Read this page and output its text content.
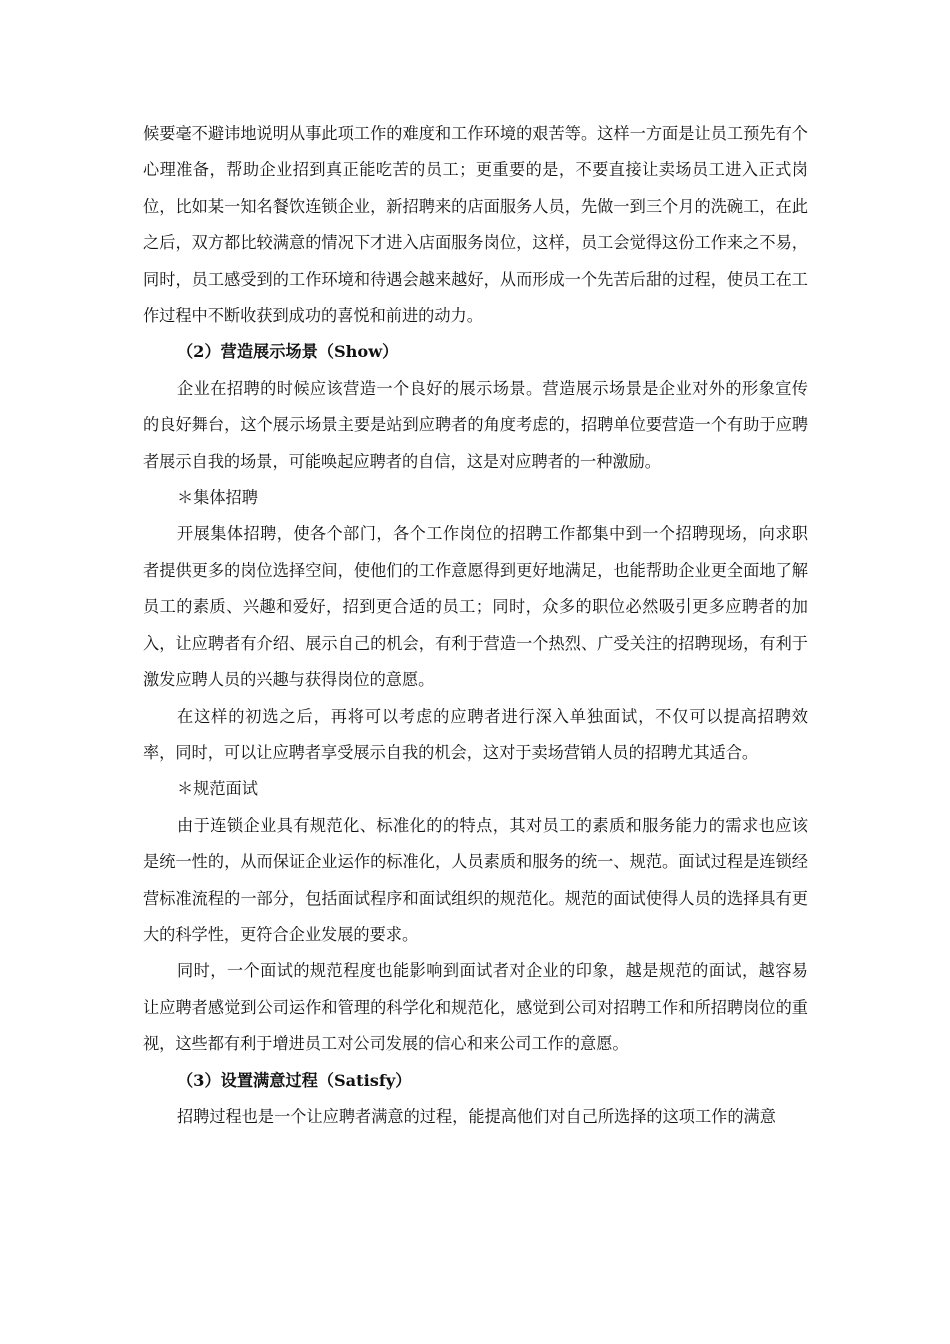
候要毫不避讳地说明从事此项工作的难度和工作环境的艰苦等。这样一方面是让员工预先有个心理准备，帮助企业招到真正能吃苦的员工；更重要的是，不要直接让卖场员工进入正式岗位，比如某一知名餐饮连锁企业，新招聘来的店面服务人员，先做一到三个月的洗碗工，在此之后，双方都比较满意的情况下才进入店面服务岗位，这样，员工会觉得这份工作来之不易，同时，员工感受到的工作环境和待遇会越来越好，从而形成一个先苦后甜的过程，使员工在工作过程中不断收获到成功的喜悦和前进的动力。

（2）营造展示场景（Show）

企业在招聘的时候应该营造一个良好的展示场景。营造展示场景是企业对外的形象宣传的良好舞台，这个展示场景主要是站到应聘者的角度考虑的，招聘单位要营造一个有助于应聘者展示自我的场景，可能唤起应聘者的自信，这是对应聘者的一种激励。

＊集体招聘

开展集体招聘，使各个部门，各个工作岗位的招聘工作都集中到一个招聘现场，向求职者提供更多的岗位选择空间，使他们的工作意愿得到更好地满足，也能帮助企业更全面地了解员工的素质、兴趣和爱好，招到更合适的员工；同时，众多的职位必然吸引更多应聘者的加入，让应聘者有介绍、展示自己的机会，有利于营造一个热烈、广受关注的招聘现场，有利于激发应聘人员的兴趣与获得岗位的意愿。

在这样的初选之后，再将可以考虑的应聘者进行深入单独面试，不仅可以提高招聘效率，同时，可以让应聘者享受展示自我的机会，这对于卖场营销人员的招聘尤其适合。

＊规范面试

由于连锁企业具有规范化、标准化的的特点，其对员工的素质和服务能力的需求也应该是统一性的，从而保证企业运作的标准化，人员素质和服务的统一、规范。面试过程是连锁经营标准流程的一部分，包括面试程序和面试组织的规范化。规范的面试使得人员的选择具有更大的科学性，更符合企业发展的要求。

同时，一个面试的规范程度也能影响到面试者对企业的印象，越是规范的面试，越容易让应聘者感觉到公司运作和管理的科学化和规范化，感觉到公司对招聘工作和所招聘岗位的重视，这些都有利于增进员工对公司发展的信心和来公司工作的意愿。

（3）设置满意过程（Satisfy）

招聘过程也是一个让应聘者满意的过程，能提高他们对自己所选择的这项工作的满意
